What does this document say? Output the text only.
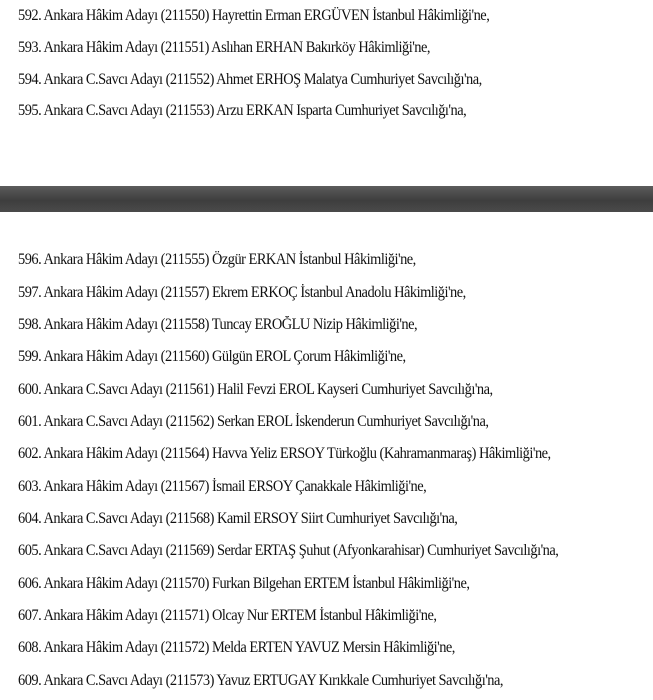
592. Ankara Hâkim Adayı (211550) Hayrettin Erman ERGÜVEN İstanbul Hâkimliği'ne,
593. Ankara Hâkim Adayı (211551) Aslıhan ERHAN Bakırköy Hâkimliği'ne,
594. Ankara C.Savcı Adayı (211552) Ahmet ERHOŞ Malatya Cumhuriyet Savcılığı'na,
595. Ankara C.Savcı Adayı (211553) Arzu ERKAN Isparta Cumhuriyet Savcılığı'na,
596. Ankara Hâkim Adayı (211555) Özgür ERKAN İstanbul Hâkimliği'ne,
597. Ankara Hâkim Adayı (211557) Ekrem ERKOÇ İstanbul Anadolu Hâkimliği'ne,
598. Ankara Hâkim Adayı (211558) Tuncay EROĞLU Nizip Hâkimliği'ne,
599. Ankara Hâkim Adayı (211560) Gülgün EROL Çorum Hâkimliği'ne,
600. Ankara C.Savcı Adayı (211561) Halil Fevzi EROL Kayseri Cumhuriyet Savcılığı'na,
601. Ankara C.Savcı Adayı (211562) Serkan EROL İskenderun Cumhuriyet Savcılığı'na,
602. Ankara Hâkim Adayı (211564) Havva Yeliz ERSOY Türkoğlu (Kahramanmaraş) Hâkimliği'ne,
603. Ankara Hâkim Adayı (211567) İsmail ERSOY Çanakkale Hâkimliği'ne,
604. Ankara C.Savcı Adayı (211568) Kamil ERSOY Siirt Cumhuriyet Savcılığı'na,
605. Ankara C.Savcı Adayı (211569) Serdar ERTAŞ Şuhut (Afyonkarahisar) Cumhuriyet Savcılığı'na,
606. Ankara Hâkim Adayı (211570) Furkan Bilgehan ERTEM İstanbul Hâkimliği'ne,
607. Ankara Hâkim Adayı (211571) Olcay Nur ERTEM İstanbul Hâkimliği'ne,
608. Ankara Hâkim Adayı (211572) Melda ERTEN YAVUZ Mersin Hâkimliği'ne,
609. Ankara C.Savcı Adayı (211573) Yavuz ERTUGAY Kırıkkale Cumhuriyet Savcılığı'na,
